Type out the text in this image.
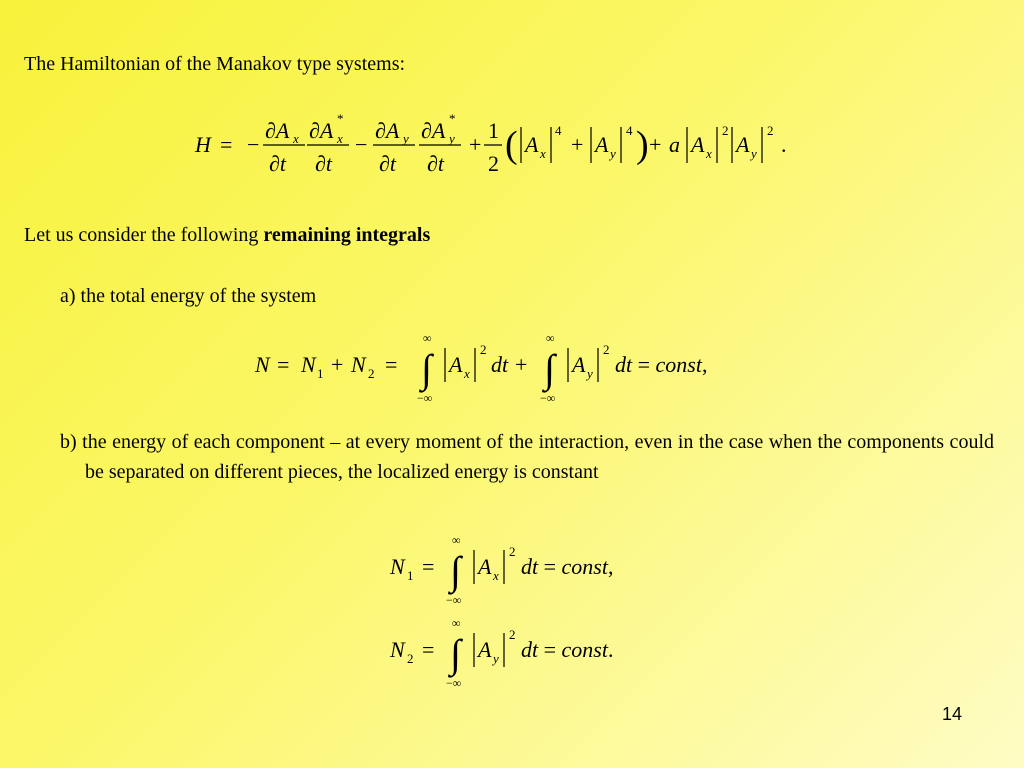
The Hamiltonian of the Manakov type systems:
H = −
∂A x
∂t
∂A x
*
∂t
−
∂A y
∂t
∂A y
*
∂t
+
1
2 ( A x
4
+ A y
4 ) + a A x
2
A y
2
.
Let us consider the following remaining integrals
a) the total energy of the system
N = N 1 + N 2 =
∞
∫
−∞
A x
2
dt +
∞
∫
−∞
A y
2
dt = const,
b) the energy of each component – at every moment of the interaction, even in the case when the components could be separated on different pieces, the localized energy is constant
N 1 =
∞
∫
−∞
A x
2
dt = const,
N 2 =
∞
∫
−∞
A y
2
dt = const.
14
